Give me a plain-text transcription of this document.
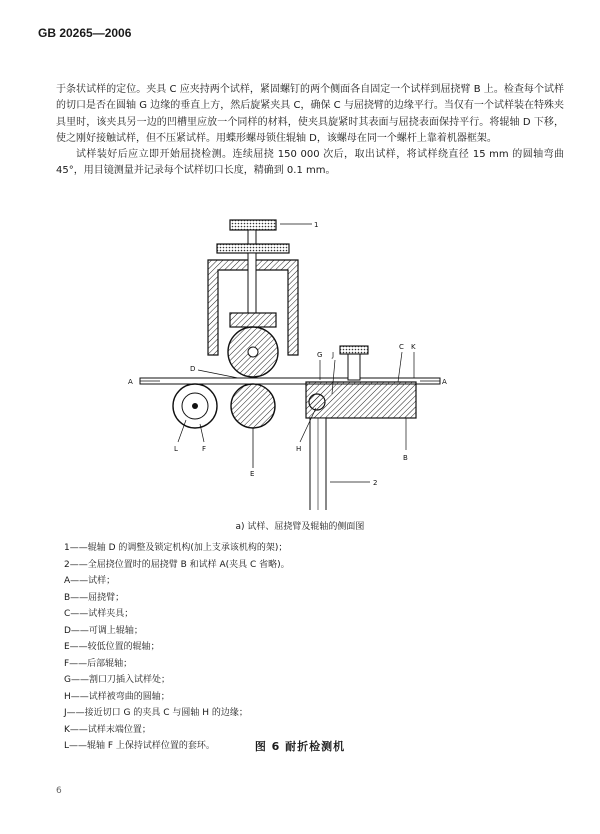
GB 20265—2006

于条状试样的定位。夹具 C 应夹持两个试样，紧固螺钉的两个侧面各自固定一个试样到屈挠臂 B 上。检查每个试样的切口是否在圆轴 G 边缘的垂直上方，然后旋紧夹具 C，确保 C 与屈挠臂的边缘平行。当仅有一个试样装在特殊夹具里时，该夹具另一边的凹槽里应放一个同样的材料，使夹具旋紧时其表面与屈挠表面保持平行。将辊轴 D 下移，使之刚好接触试样，但不压紧试样。用蝶形螺母锁住辊轴 D，该螺母在同一个螺杆上靠着机器框架。

试样装好后应立即开始屈挠检测。连续屈挠 150 000 次后，取出试样，将试样绕直径 15 mm 的圆轴弯曲 45°，用目镜测量并记录每个试样切口长度，精确到 0.1 mm。

1
A	A
D
G J
C K
B
L	F	H
E
2
a) 试样、屈挠臂及辊轴的侧面图
1——辊轴 D 的调整及锁定机构(加上支承该机构的架)；
2——全屈挠位置时的屈挠臂 B 和试样 A(夹具 C 省略)。
A——试样；
B——屈挠臂；
C——试样夹具；
D——可调上辊轴；
E——较低位置的辊轴；
F——后部辊轴；
G——割口刀插入试样处；
H——试样被弯曲的圆轴；
J——接近切口 G 的夹具 C 与圆轴 H 的边缘；
K——试样末端位置；
L——辊轴 F 上保持试样位置的套环。	图 6 耐折检测机
6
